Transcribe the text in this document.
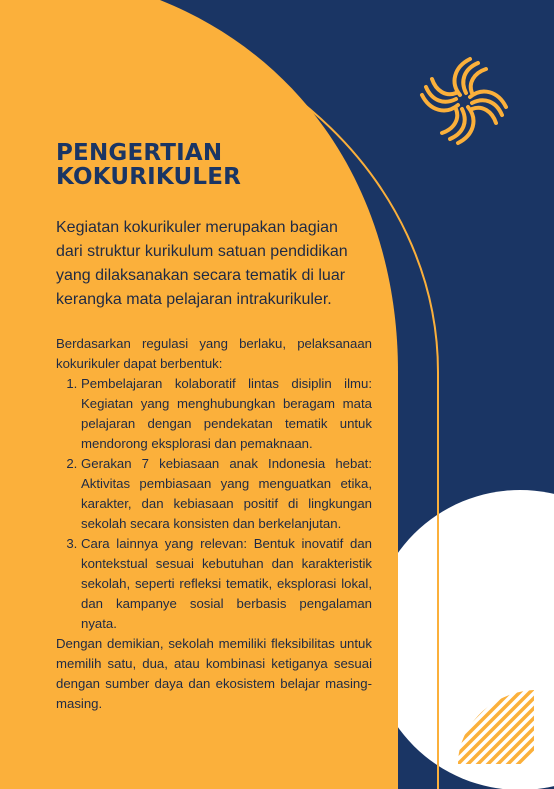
PENGERTIAN
KOKURIKULER

Kegiatan kokurikuler merupakan bagian dari struktur kurikulum satuan pendidikan yang dilaksanakan secara tematik di luar kerangka mata pelajaran intrakurikuler.

Berdasarkan regulasi yang berlaku, pelaksanaan kokurikuler dapat berbentuk:

1. Pembelajaran kolaboratif lintas disiplin ilmu: Kegiatan yang menghubungkan beragam mata pelajaran dengan pendekatan tematik untuk mendorong eksplorasi dan pemaknaan.
2. Gerakan 7 kebiasaan anak Indonesia hebat: Aktivitas pembiasaan yang menguatkan etika, karakter, dan kebiasaan positif di lingkungan sekolah secara konsisten dan berkelanjutan.
3. Cara lainnya yang relevan: Bentuk inovatif dan kontekstual sesuai kebutuhan dan karakteristik sekolah, seperti refleksi tematik, eksplorasi lokal, dan kampanye sosial berbasis pengalaman nyata.

Dengan demikian, sekolah memiliki fleksibilitas untuk memilih satu, dua, atau kombinasi ketiganya sesuai dengan sumber daya dan ekosistem belajar masing-masing.
